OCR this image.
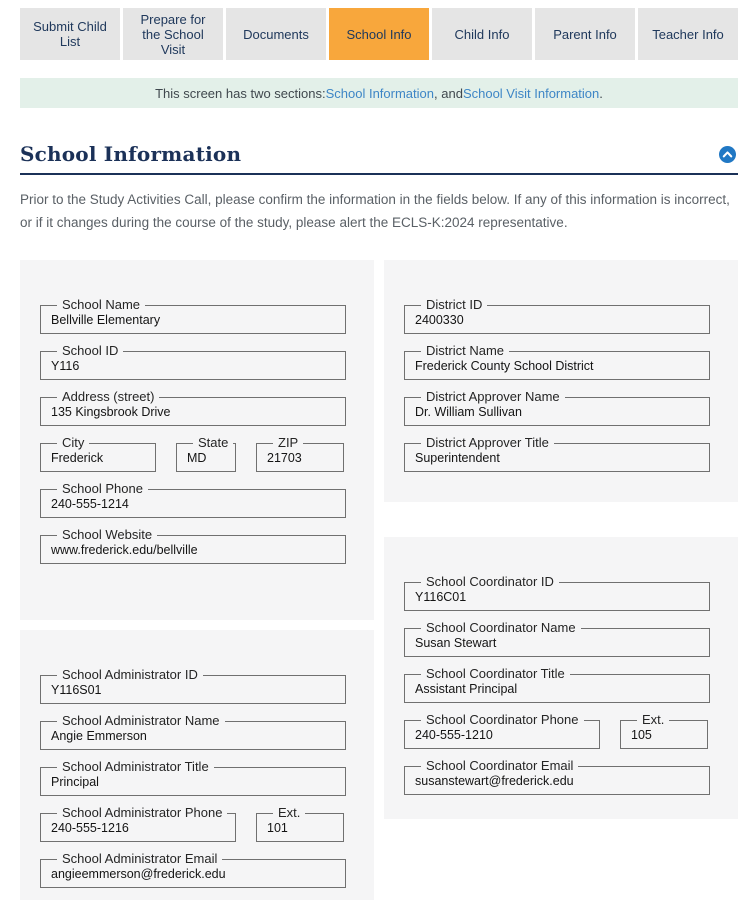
Submit Child List
Prepare for the School Visit
Documents	School Info	Child Info	Parent Info	Teacher Info
This screen has two sections: School Information , and School Visit Information .
School Information

Prior to the Study Activities Call, please confirm the information in the fields below. If any of this information is incorrect, or if it changes during the course of the study, please alert the ECLS-K:2024 representative.

School Name
Bellville Elementary
School ID
Y116
Address (street)
135 Kingsbrook Drive
City
Frederick
State
MD
ZIP
21703
School Phone
240-555-1214
School Website
www.frederick.edu/bellville
School Administrator ID
Y116S01
School Administrator Name
Angie Emmerson
School Administrator Title
Principal
School Administrator Phone
240-555-1216
Ext.
101
School Administrator Email
angieemmerson@frederick.edu
District ID
2400330
District Name
Frederick County School District
District Approver Name
Dr. William Sullivan
District Approver Title
Superintendent
School Coordinator ID
Y116C01
School Coordinator Name
Susan Stewart
School Coordinator Title
Assistant Principal
School Coordinator Phone
240-555-1210
Ext.
105
School Coordinator Email
susanstewart@frederick.edu
